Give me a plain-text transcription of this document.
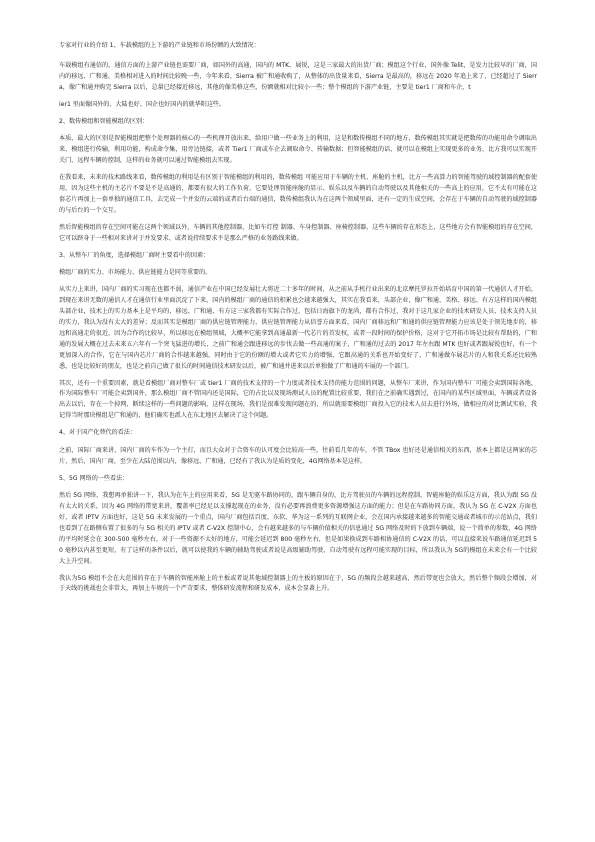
专家对行业的介绍 1、车载模组的上下游的产业链和市场份额的大致情况：

车载模组有通信的，通信方面的上游产业链也需要厂商，如国外的高通，国内的 MTK、展锐，这是三家最大的出货厂商；模组这个行业，国外像 Telit，是发力比较早的厂商，国内的移远、广和通、美格相对进入的时间比较晚一些，今年来看，Sierra 被广和通收购了，从整体的出货量来看，Sierra 是最高的，移远在 2020 年追上来了，已经超过了 Sierra，像广和通并购完 Sierra 以后，总量已经接近移远，其他的像美格这些，份额就相对比较小一些；整个模组的下游产业链，主要是 tier1 厂商和车企，t

ier1 里面像国外的、大陆也好、国企也好国内的就华阳这些。

2、数传模组和智能模组的区别：

本质、最大的区别是智能模组把整个处理器的核心的一些机理开放出来，给用户做一些业务上的利用，这是和数传模组不同的地方，数传模组其实就是把数传的功能用命令调取出来，模组进行传输，利用功能，构成命令集，用旁边链接，或者 Tier1 厂商或车企去调取命令、传输数据；但智能模组的话，就可以在模组上实现更多的业务，比方我可以实现开关门、远程车辆的控制，这样的业务就可以通过智能模组去实现。

在我看来，未来的技术路线来看，数传模组的利用是有区别于智能模组的利用的，数传模组 可能应用于车辆的主机、座舱的主机，比方一些高算力的智能驾驶的域控制器的配套使用，因为这些主机的主芯片不要是不是高通的，都要有很大的工作负荷，它要处理智能座舱的显示、娱乐以及车辆的自动驾驶以及其他相关的一些高上的应用，它不太有可能在这套芯片再加上一套单独的通信工具，去完成一个并发的云端的或者后台端的通信，数传模组我认为在这两个领域里面，还有一定的生成空间，会存在于车辆的自动驾驶的域控制器的与后台的一个交互。

然后智能模组的存在空间可能在这两个领域以外，车辆的其他控制器，比如车灯控 制器、车身控制器、座椅控制器，这些车辆的存在形态上，这些地方会有智能模组的存在空间，它可以跻身于一些相对来讲对于并发要求、或者说持续要求不是那么严格的业务路线来做。

3、从整车厂的角度，选择模组厂商时主要看中的因素：

模组厂商的实力、市场能力、供应链能力是同等重要的。

从实力上来讲，国内厂商的实习现在也都不弱，通信产业在中国已经发展壮大将近二十多年的时间，从之前从手机行业出来的北京摩托罗拉开始培育中国的第一代通信人才开始，到现在来讲无数的通信人才在通信行业里面沉淀了下来，国内的模组厂商的通信的积累也会越来越强大，其实在我看来，头部企业，像广和通、美格、移远、有方这样的国内模组头部企业，技术上的实力基本上是平均的，移远、广和通、有方这三家我都有实际合作过，包括日海旗下的龙尚，都有合作过，我对于这几家企业的技术研发人员、技术支持人员的实力，我认为没有太大的差异；反而其实是模组厂商的供应链管理能力，供应链管理能力从信誉方面来看，国内厂商移远和广和通的供应链管理能力应该是处于领先地步的，移远和高通走的很近，因为合作的比较早，所以移远在模组领域，大概率它能拿到高通最新一代芯片的首发权，或者一段时间的保护价格，这对于它开拓市场是比较有帮助的，广和通的发展大概在过去未来五六年有一个突飞猛进的增长，之前广和通会跟进移远的步伐去做一些高通的案子，广和通的过去的 2017 年左右跟 MTK 也好或者跟展锐也好，有一个更加深入的合作，它在与国内芯片厂商的合作越来越强，同时由于它的份额的增大或者它实力的增强，它跟高通的关系也开始变好了，广和通做车展芯片的人和我关系还比较熟悉，也是比较好的朋友，也是之前自己做了很长的时间通信技术研发以后，被广和通并进来以后单独做了广和通的车展的一个部门。

其次，还有一个重要因素，就是看模组厂商对整车厂或 tier1 厂商的技术支持的一个力度或者技术支持的能力范围的问题，从整车厂来讲，作为国内整车厂可能会卖到国际各地，作为国际整车厂可能会卖到国外，那么模组厂商不管国内还是国际，它的占比以及现场测试人员的配置比较重要，我们在之前确实遇到过，在国内的某些区域里面，车辆或者设备出去以后，存在一个掉网、断续这样的一些问题的影响，这样在现场，我们是很难发现问题在的，所以就需要模组厂商投入它的技术人员去进行外场，做相应的对比测试实验，我记得当时那块模组是广和通的，他们确实也派人在东北地区去解决了这个问题。

4、对于国产化替代的看法：

之前，国际厂商来讲，国内厂商的车作为一个主打，而且大众对于合资车的认可度会比较高一些，往前看几年的车，不管 TBox 也好还是通信相关的东西，基本上都是这两家的芯片，然后，国内厂商，至少在大陆范围以内，像移远、广和通，已经有了我认为是质的变化，4G网络基本是这样。

5、5G 网络的一些看法：

然后 5G 网络，我想再单独讲一下，我认为在车上的应用来看，5G 是无驱车路协同的，跟车辆自身的，比方驾驶员的车辆的远程控制、智能座舱的娱乐这方面，我认为跟 5G 没有太大的关系，因为 4G 网络的带宽来讲，覆盖率已经足以支撑起现在的业务，没有必要再浪费更多资源增强这方面的能力；但是在车路协同方面，我认为 5G 在 C-V2X 方面也好，或者 IPTV 方面也好，这是 5G 未来发展的一个重点，国内厂商包括百度、东软、华为这一系列的互联网企业，会在国内承接越来越多的智能交通或者城市的示范站点，我们也看到了在路侧布置了很多的与 5G 相关的 IPTV 或者 C-V2X 控制中心，会有越来越多的与车辆价值相关的信息通过 5G 网络及时的下放到车辆端，说一个简单的参数，4G 网络的平均时延会在 300-500 毫秒左右，对于一些资源不太好的地方，可能会延迟到 800 毫秒左右，但是如果换成到车路相协通信的 C-V2X 的话，可以直接来说车路通信延迟到 50 毫秒以内甚至更短，有了这样的条件以后，就可以使我的车辆的辅助驾驶或者说是高级辅助驾驶、自动驾驶有远程可能实现的目标，所以我认为 5G的模组在未来会有一个比较大上升空间。

我认为5G 模组不会在大范围的存在于车辆的智能座舱上的主板或者说其他域控制器上的主板的原因在于，5G 的频段会越来越高，然后带宽也会放大，然后整个频段会增加，对于天线的挑战也会非常大，再加上车规的一个严苛要求，整体研发流程和研发成本，成本会显著上升。
